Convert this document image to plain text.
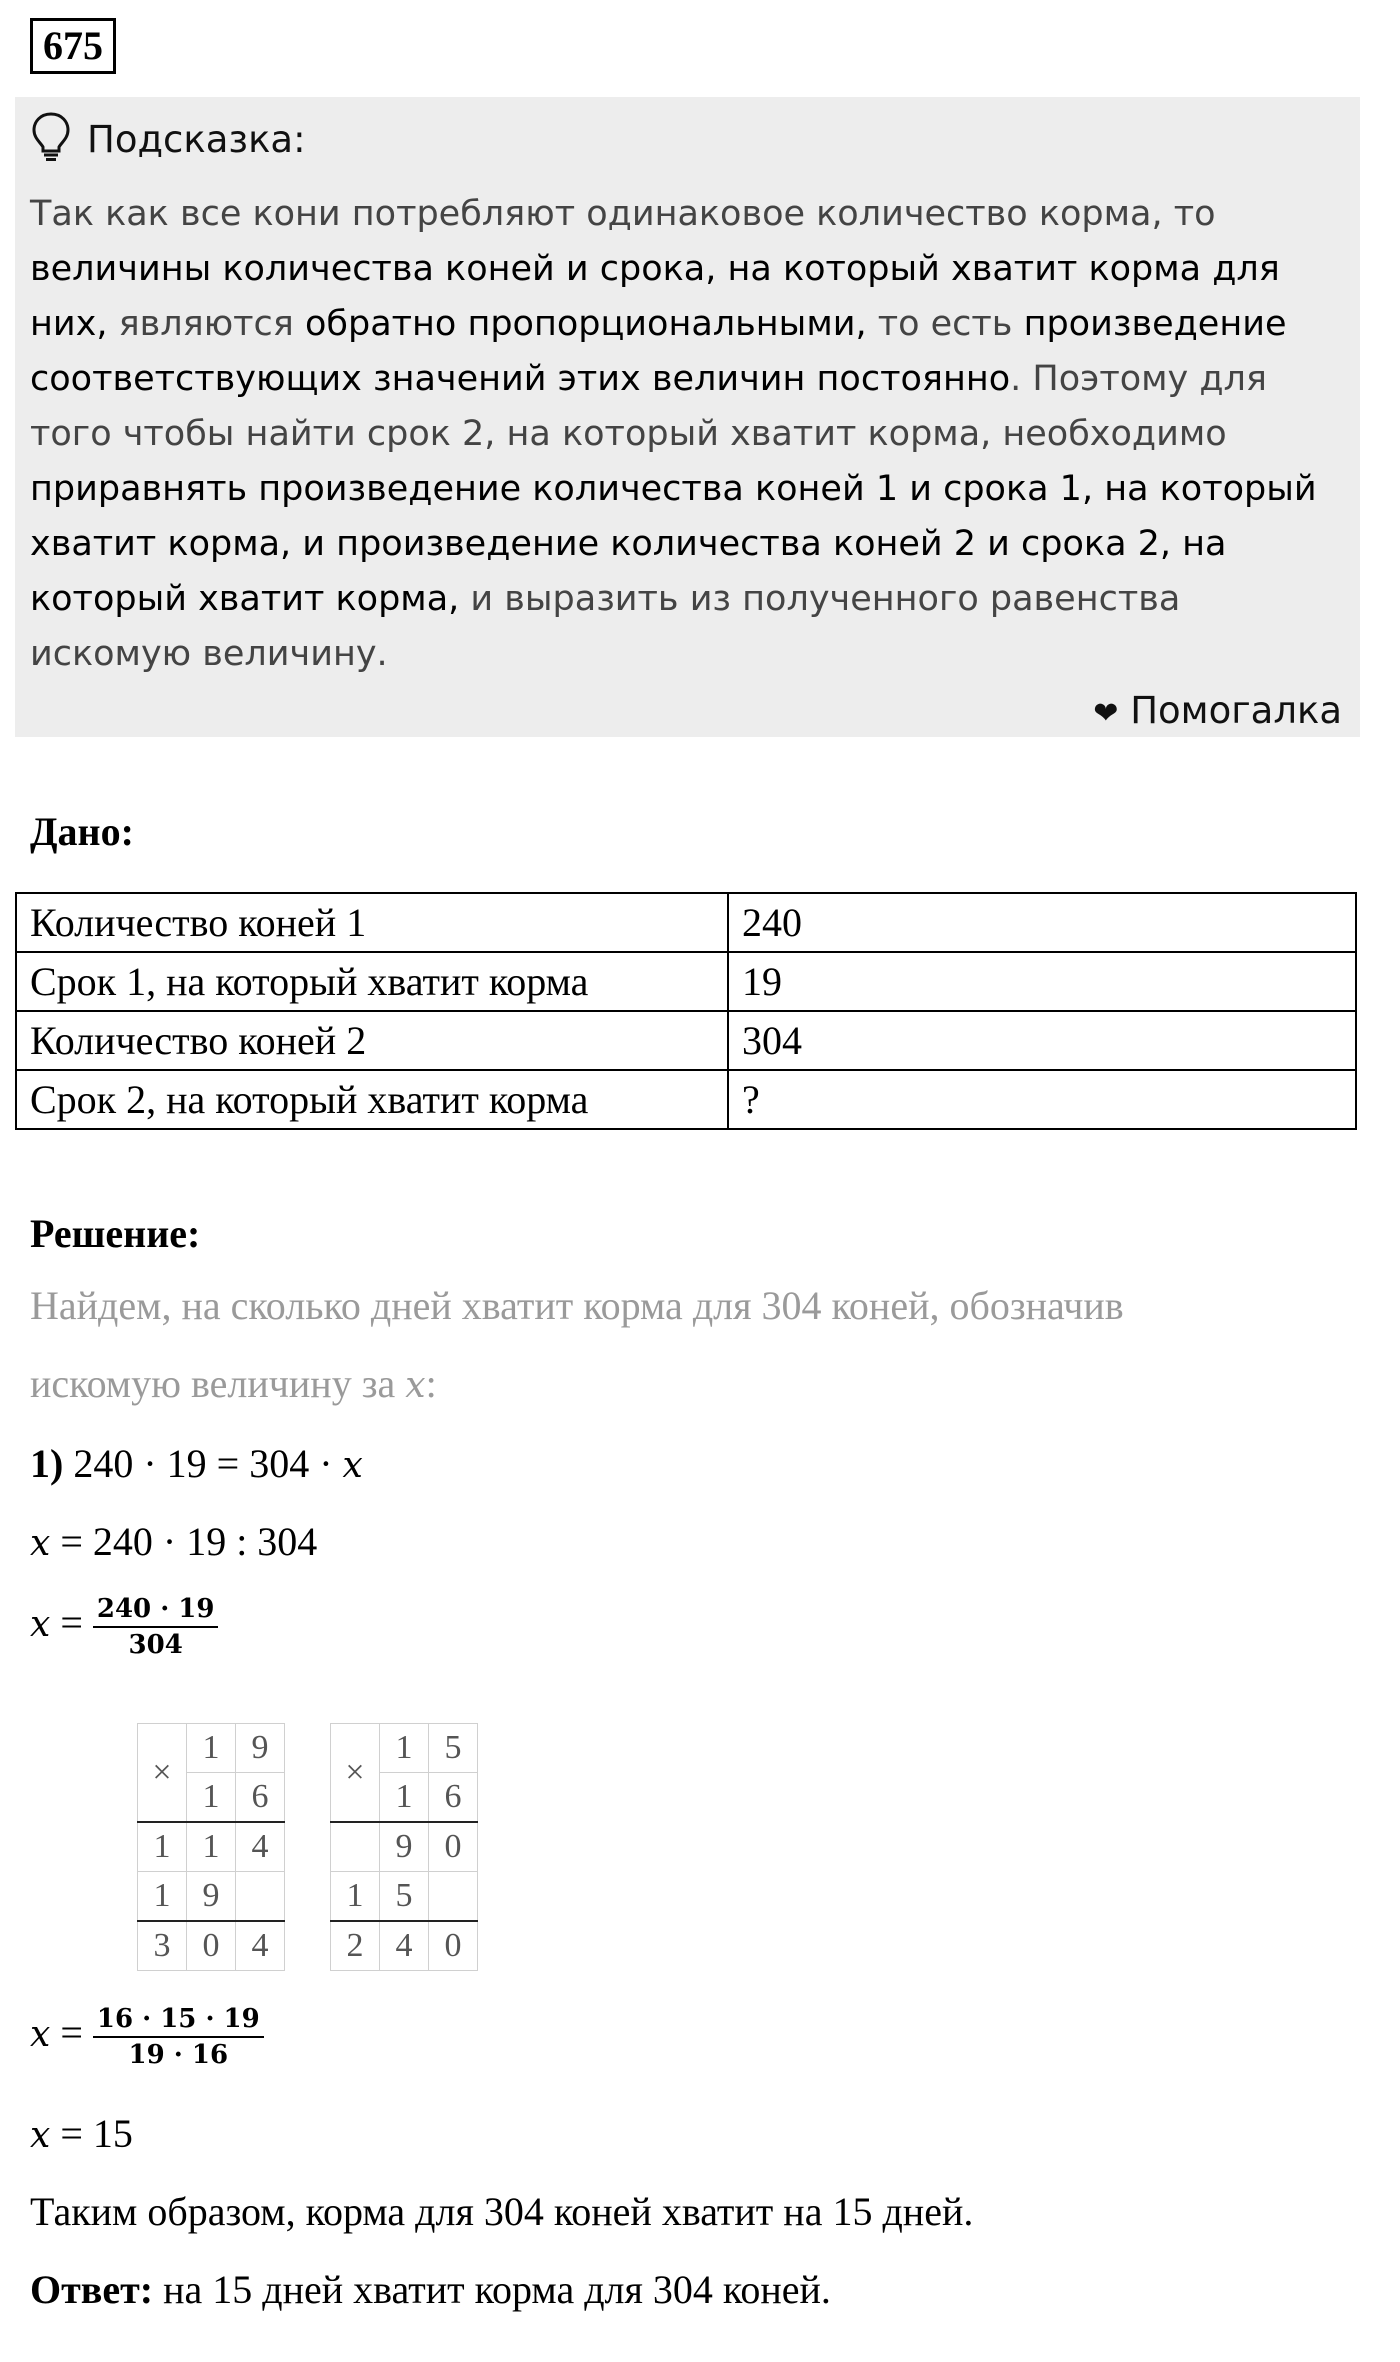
675
Подсказка:
Так как все кони потребляют одинаковое количество корма, то величины количества коней и срока, на который хватит корма для них, являются обратно пропорциональными, то есть произведение соответствующих значений этих величин постоянно. Поэтому для того чтобы найти срок 2, на который хватит корма, необходимо приравнять произведение количества коней 1 и срока 1, на который хватит корма, и произведение количества коней 2 и срока 2, на который хватит корма, и выразить из полученного равенства искомую величину.
❤ Помогалка
Дано:
Количество коней 1	240
Срок 1, на который хватит корма	19
Количество коней 2	304
Срок 2, на который хватит корма	?
Решение:
Найдем, на сколько дней хватит корма для 304 коней, обозначив
искомую величину за x:
1) 240 · 19 = 304 · x
x = 240 · 19 : 304
$x = \frac{240 \cdot 19}{304}$
×	1	9
	1	6
1	1	4
1	9	
3	0	4
×	1	5
	1	6
	9	0
1	5	
2	4	0
$x = \frac{16 \cdot 15 \cdot 19}{19 \cdot 16}$
x = 15
Таким образом, корма для 304 коней хватит на 15 дней.
Ответ: на 15 дней хватит корма для 304 коней.
